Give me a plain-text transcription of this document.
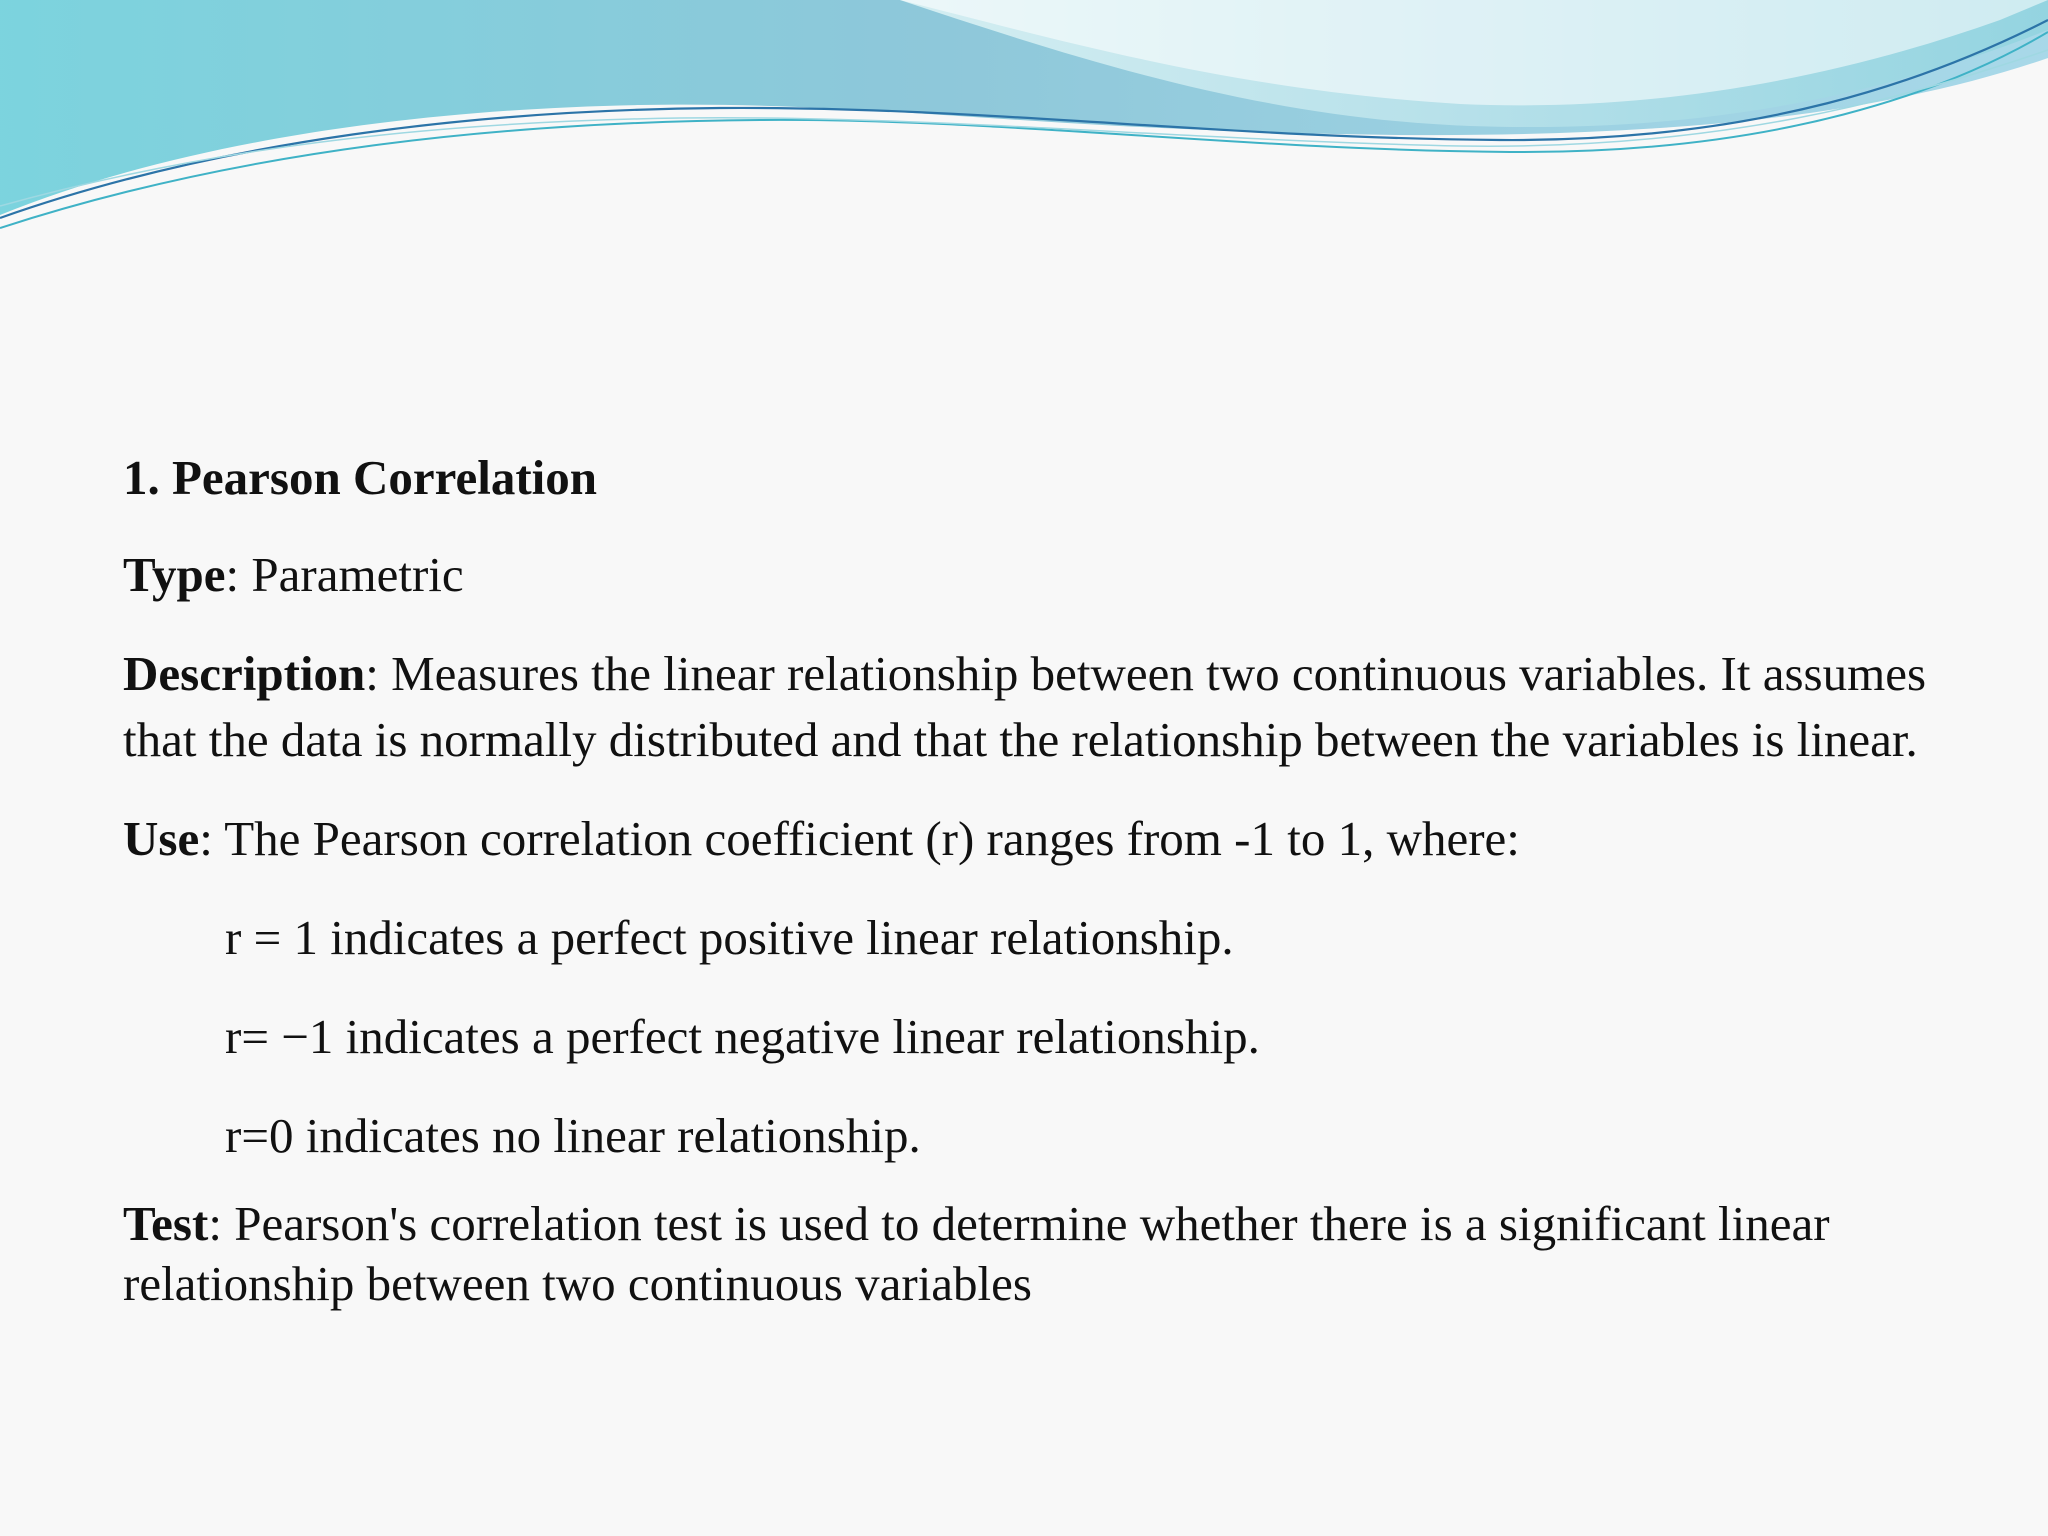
1. Pearson Correlation
Type: Parametric
Description: Measures the linear relationship between two continuous variables. It assumes that the data is normally distributed and that the relationship between the variables is linear.
Use: The Pearson correlation coefficient (r) ranges from -1 to 1, where:
r = 1 indicates a perfect positive linear relationship.
r= −1 indicates a perfect negative linear relationship.
r=0 indicates no linear relationship.
Test: Pearson's correlation test is used to determine whether there is a significant linear relationship between two continuous variables
